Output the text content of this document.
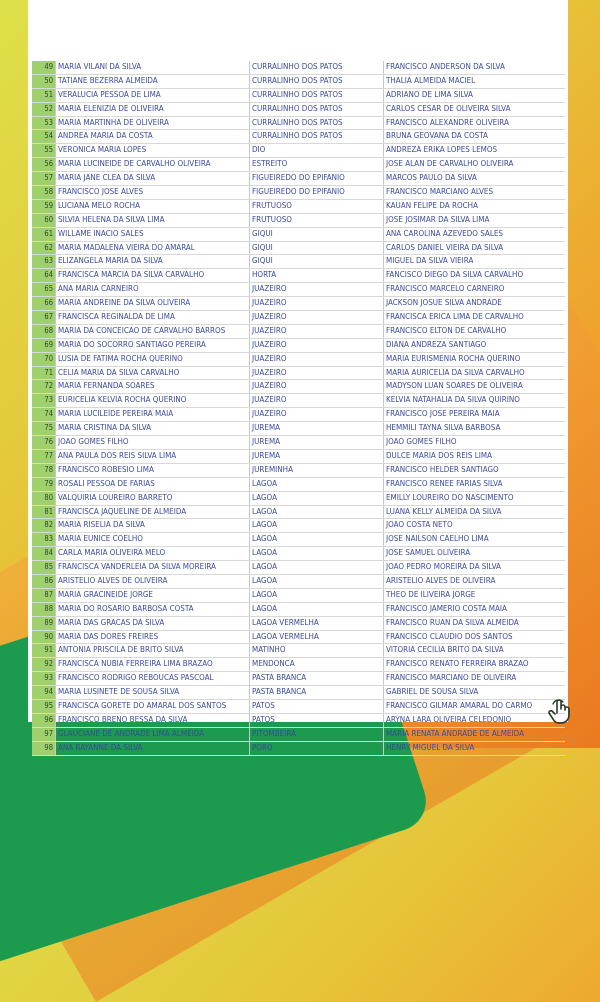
49 MARIA VILANI DA SILVA	CURRALINHO DOS PATOS	FRANCISCO ANDERSON DA SILVA
50 TATIANE BEZERRA ALMEIDA	CURRALINHO DOS PATOS	THALIA ALMEIDA MACIEL
51 VERALUCIA PESSOA DE LIMA	CURRALINHO DOS PATOS	ADRIANO DE LIMA SILVA
52 MARIA ELENIZIA DE OLIVEIRA	CURRALINHO DOS PATOS	CARLOS CESAR DE OLIVEIRA SILVA
53 MARIA MARTINHA DE OLIVEIRA	CURRALINHO DOS PATOS	FRANCISCO ALEXANDRE OLIVEIRA
54 ANDREA MARIA DA COSTA	CURRALINHO DOS PATOS	BRUNA GEOVANA DA COSTA
55 VERONICA MARIA LOPES	DIO	ANDREZA ERIKA LOPES LEMOS
56 MARIA LUCINEIDE DE CARVALHO OLIVEIRA	ESTREITO	JOSE ALAN DE CARVALHO OLIVEIRA
57 MARIA JANE CLEA DA SILVA	FIGUEIREDO DO EPIFANIO	MARCOS PAULO DA SILVA
58 FRANCISCO JOSE ALVES	FIGUEIREDO DO EPIFANIO	FRANCISCO MARCIANO ALVES
59 LUCIANA MELO ROCHA	FRUTUOSO	KAUAN FELIPE DA ROCHA
60 SILVIA HELENA DA SILVA LIMA	FRUTUOSO	JOSE JOSIMAR DA SILVA LIMA
61 WILLAME INACIO SALES	GIQUI	ANA CAROLINA AZEVEDO SALES
62 MARIA MADALENA VIEIRA DO AMARAL	GIQUI	CARLOS DANIEL VIEIRA DA SILVA
63 ELIZANGELA MARIA DA SILVA	GIQUI	MIGUEL DA SILVA VIEIRA
64 FRANCISCA MARCIA DA SILVA CARVALHO	HORTA	FANCISCO DIEGO DA SILVA CARVALHO
65 ANA MARIA CARNEIRO	JUAZEIRO	FRANCISCO MARCELO CARNEIRO
66 MARIA ANDREINE DA SILVA OLIVEIRA	JUAZEIRO	JACKSON JOSUE SILVA ANDRADE
67 FRANCISCA REGINALDA DE LIMA	JUAZEIRO	FRANCISCA ERICA LIMA DE CARVALHO
68 MARIA DA CONCEICAO DE CARVALHO BARROS	JUAZEIRO	FRANCISCO ELTON DE CARVALHO
69 MARIA DO SOCORRO SANTIAGO PEREIRA	JUAZEIRO	DIANA ANDREZA SANTIAGO
70 LUSIA DE FATIMA ROCHA QUERINO	JUAZEIRO	MARIA EURISMENIA ROCHA QUERINO
71 CELIA MARIA DA SILVA CARVALHO	JUAZEIRO	MARIA AURICELIA DA SILVA CARVALHO
72 MARIA FERNANDA SOARES	JUAZEIRO	MADYSON LUAN SOARES DE OLIVEIRA
73 EURICELIA KELVIA ROCHA QUERINO	JUAZEIRO	KELVIA NATAHALIA DA SILVA QUIRINO
74 MARIA LUCILEIDE PEREIRA MAIA	JUAZEIRO	FRANCISCO JOSE PEREIRA MAIA
75 MARIA CRISTINA DA SILVA	JUREMA	HEMMILI TAYNA SILVA BARBOSA
76 JOAO GOMES FILHO	JUREMA	JOAO GOMES FILHO
77 ANA PAULA DOS REIS SILVA LIMA	JUREMA	DULCE MARIA DOS REIS LIMA
78 FRANCISCO ROBESIO LIMA	JUREMINHA	FRANCISCO HELDER SANTIAGO
79 ROSALI PESSOA DE FARIAS	LAGOA	FRANCISCO RENEE FARIAS SILVA
80 VALQUIRIA LOUREIRO BARRETO	LAGOA	EMILLY LOUREIRO DO NASCIMENTO
81 FRANCISCA JAQUELINE DE ALMEIDA	LAGOA	LUANA KELLY ALMEIDA DA SILVA
82 MARIA RISELIA DA SILVA	LAGOA	JOAO COSTA NETO
83 MARIA EUNICE COELHO	LAGOA	JOSE NAILSON CAELHO LIMA
84 CARLA MARIA OLIVEIRA MELO	LAGOA	JOSE SAMUEL OLIVEIRA
85 FRANCISCA VANDERLEIA DA SILVA MOREIRA	LAGOA	JOAO PEDRO MOREIRA DA SILVA
86 ARISTELIO ALVES DE OLIVEIRA	LAGOA	ARISTELIO ALVES DE OLIVEIRA
87 MARIA GRACINEIDE JORGE	LAGOA	THEO DE ILIVEIRA JORGE
88 MARIA DO ROSARIO BARBOSA COSTA	LAGOA	FRANCISCO JAMERIO COSTA MAIA
89 MARIA DAS GRACAS DA SILVA	LAGOA VERMELHA	FRANCISCO RUAN DA SILVA ALMEIDA
90 MARIA DAS DORES FREIRES	LAGOA VERMELHA	FRANCISCO CLAUDIO DOS SANTOS
91 ANTONIA PRISCILA DE BRITO SILVA	MATINHO	VITORIA CECILIA BRITO DA SILVA
92 FRANCISCA NUBIA FERREIRA LIMA BRAZAO	MENDONCA	FRANCISCO RENATO FERREIRA BRAZAO
93 FRANCISCO RODRIGO REBOUCAS PASCOAL	PASTA BRANCA	FRANCISCO MARCIANO DE OLIVEIRA
94 MARIA LUSINETE DE SOUSA SILVA	PASTA BRANCA	GABRIEL DE SOUSA SILVA
95 FRANCISCA GORETE DO AMARAL DOS SANTOS	PATOS	FRANCISCO GILMAR AMARAL DO CARMO
96 FRANCISCO BRENO BESSA DA SILVA	PATOS	ARYNA LARA OLIVEIRA CELEDONIO
97 GLAUCIANE DE ANDRADE LIMA ALMEIDA	PITOMBEIRA	MARIA RENATA ANDRADE DE ALMEIDA
98 ANA RAYANNE DA SILVA	PORO	HENRY MIGUEL DA SILVA
